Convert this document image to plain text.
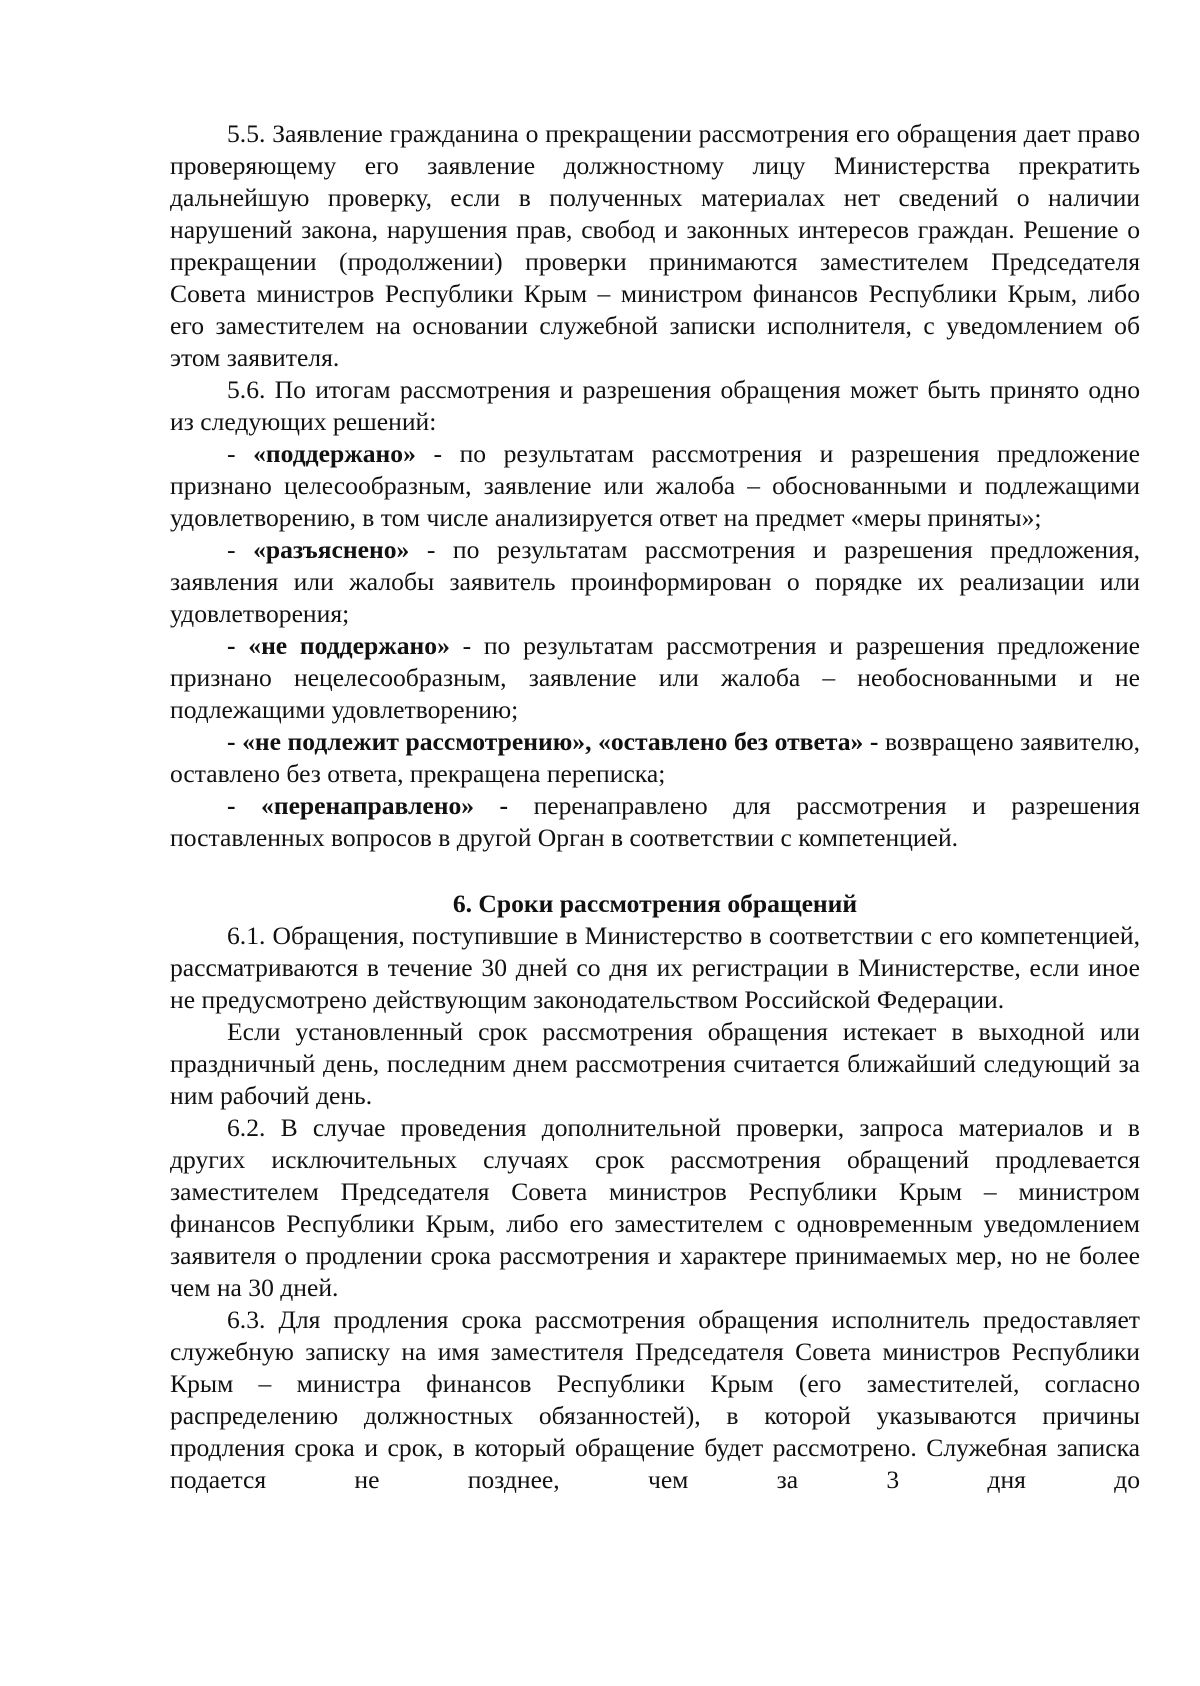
5.5. Заявление гражданина о прекращении рассмотрения его обращения дает право проверяющему его заявление должностному лицу Министерства прекратить дальнейшую проверку, если в полученных материалах нет сведений о наличии нарушений закона, нарушения прав, свобод и законных интересов граждан. Решение о прекращении (продолжении) проверки принимаются заместителем Председателя Совета министров Республики Крым – министром финансов Республики Крым, либо его заместителем на основании служебной записки исполнителя, с уведомлением об этом заявителя.

5.6. По итогам рассмотрения и разрешения обращения может быть принято одно из следующих решений:

- «поддержано» - по результатам рассмотрения и разрешения предложение признано целесообразным, заявление или жалоба – обоснованными и подлежащими удовлетворению, в том числе анализируется ответ на предмет «меры приняты»;

- «разъяснено» - по результатам рассмотрения и разрешения предложения, заявления или жалобы заявитель проинформирован о порядке их реализации или удовлетворения;

- «не поддержано» - по результатам рассмотрения и разрешения предложение признано нецелесообразным, заявление или жалоба – необоснованными и не подлежащими удовлетворению;

- «не подлежит рассмотрению», «оставлено без ответа» - возвращено заявителю, оставлено без ответа, прекращена переписка;

- «перенаправлено» - перенаправлено для рассмотрения и разрешения поставленных вопросов в другой Орган в соответствии с компетенцией.

6. Сроки рассмотрения обращений

6.1. Обращения, поступившие в Министерство в соответствии с его компетенцией, рассматриваются в течение 30 дней со дня их регистрации в Министерстве, если иное не предусмотрено действующим законодательством Российской Федерации.

Если установленный срок рассмотрения обращения истекает в выходной или праздничный день, последним днем рассмотрения считается ближайший следующий за ним рабочий день.

6.2. В случае проведения дополнительной проверки, запроса материалов и в других исключительных случаях срок рассмотрения обращений продлевается заместителем Председателя Совета министров Республики Крым – министром финансов Республики Крым, либо его заместителем с одновременным уведомлением заявителя о продлении срока рассмотрения и характере принимаемых мер, но не более чем на 30 дней.

6.3. Для продления срока рассмотрения обращения исполнитель предоставляет служебную записку на имя заместителя Председателя Совета министров Республики Крым – министра финансов Республики Крым (его заместителей, согласно распределению должностных обязанностей), в которой указываются причины продления срока и срок, в который обращение будет рассмотрено. Служебная записка подается не позднее, чем за 3 дня до
